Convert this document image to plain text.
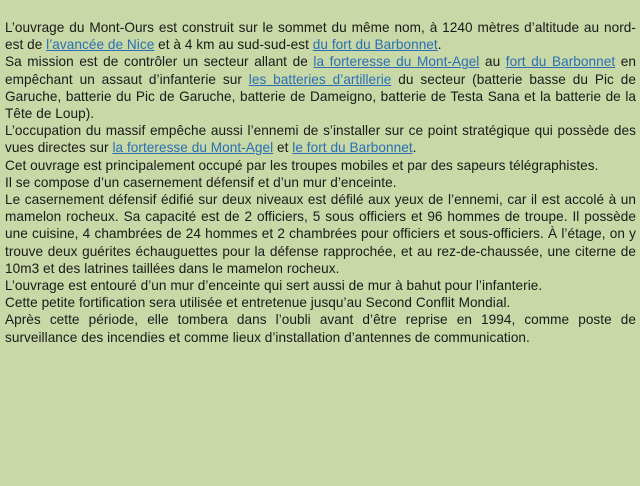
L’ouvrage du Mont-Ours est construit sur le sommet du même nom, à 1240 mètres d’altitude au nord-est de l’avancée de Nice et à 4 km au sud-sud-est du fort du Barbonnet.

Sa mission est de contrôler un secteur allant de la forteresse du Mont-Agel au fort du Barbonnet en empêchant un assaut d’infanterie sur les batteries d’artillerie du secteur (batterie basse du Pic de Garuche, batterie du Pic de Garuche, batterie de Dameigno, batterie de Testa Sana et la batterie de la Tête de Loup).

L’occupation du massif empêche aussi l’ennemi de s’installer sur ce point stratégique qui possède des vues directes sur la forteresse du Mont-Agel et le fort du Barbonnet.

Cet ouvrage est principalement occupé par les troupes mobiles et par des sapeurs télégraphistes.

Il se compose d’un casernement défensif et d’un mur d’enceinte.

Le casernement défensif édifié sur deux niveaux est défilé aux yeux de l’ennemi, car il est accolé à un mamelon rocheux. Sa capacité est de 2 officiers, 5 sous officiers et 96 hommes de troupe. Il possède une cuisine, 4 chambrées de 24 hommes et 2 chambrées pour officiers et sous-officiers. À l’étage, on y trouve deux guérites échauguettes pour la défense rapprochée, et au rez-de-chaussée, une citerne de 10m3 et des latrines taillées dans le mamelon rocheux.

L’ouvrage est entouré d’un mur d’enceinte qui sert aussi de mur à bahut pour l’infanterie.

Cette petite fortification sera utilisée et entretenue jusqu’au Second Conflit Mondial.

Après cette période, elle tombera dans l’oubli avant d’être reprise en 1994, comme poste de surveillance des incendies et comme lieux d’installation d’antennes de communication.
